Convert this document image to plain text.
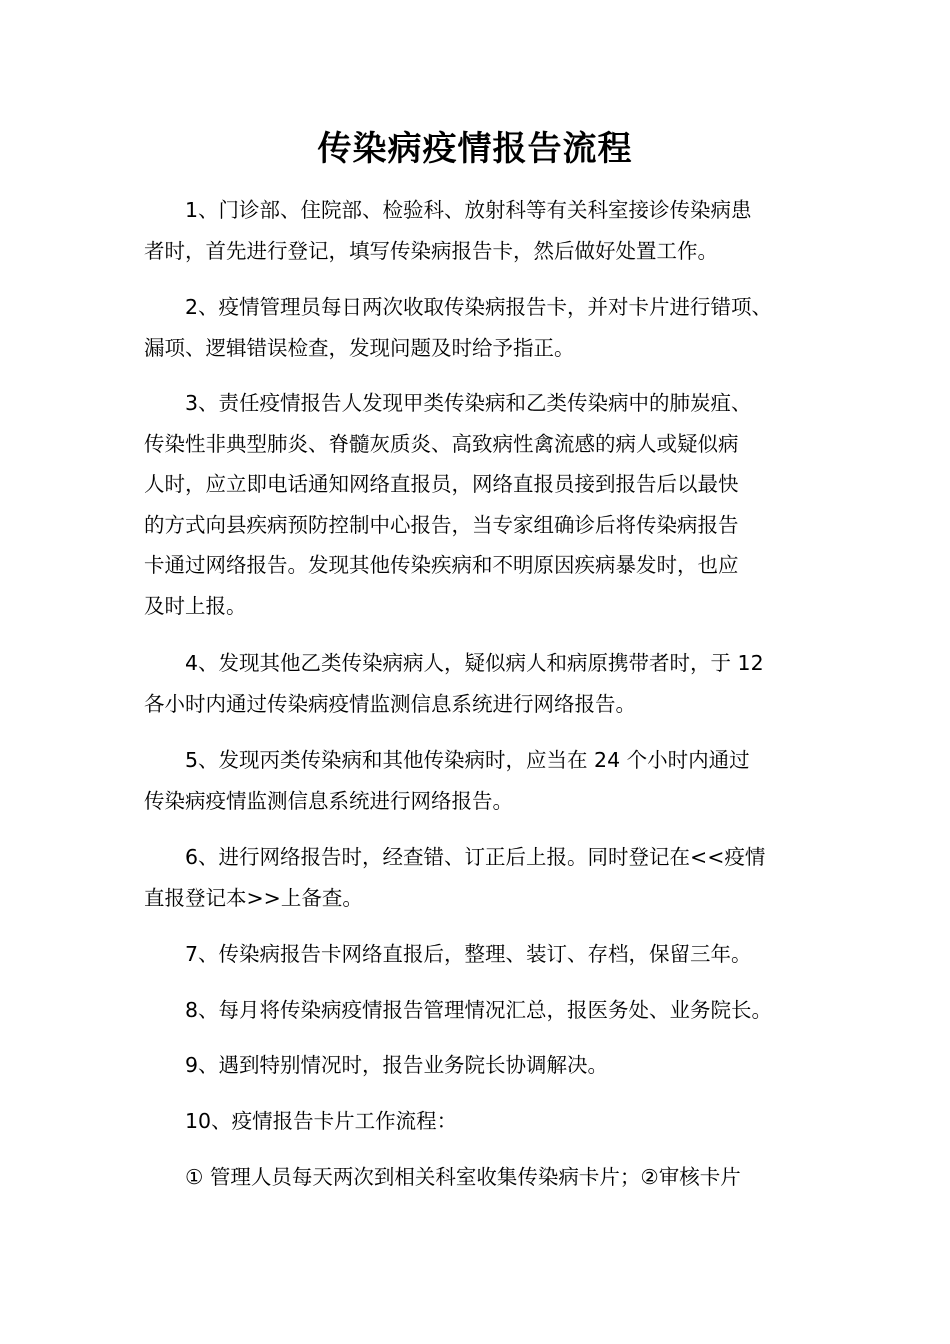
传染病疫情报告流程
1、门诊部、住院部、检验科、放射科等有关科室接诊传染病患
者时，首先进行登记，填写传染病报告卡，然后做好处置工作。
2、疫情管理员每日两次收取传染病报告卡，并对卡片进行错项、
漏项、逻辑错误检查，发现问题及时给予指正。
3、责任疫情报告人发现甲类传染病和乙类传染病中的肺炭疽、
传染性非典型肺炎、脊髓灰质炎、高致病性禽流感的病人或疑似病
人时，应立即电话通知网络直报员，网络直报员接到报告后以最快
的方式向县疾病预防控制中心报告，当专家组确诊后将传染病报告
卡通过网络报告。发现其他传染疾病和不明原因疾病暴发时，也应
及时上报。
4、发现其他乙类传染病病人，疑似病人和病原携带者时，于 12
各小时内通过传染病疫情监测信息系统进行网络报告。
5、发现丙类传染病和其他传染病时，应当在 24 个小时内通过
传染病疫情监测信息系统进行网络报告。
6、进行网络报告时，经查错、订正后上报。同时登记在<<疫情
直报登记本>>上备查。
7、传染病报告卡网络直报后，整理、装订、存档，保留三年。
8、每月将传染病疫情报告管理情况汇总，报医务处、业务院长。
9、遇到特别情况时，报告业务院长协调解决。
10、疫情报告卡片工作流程：
① 管理人员每天两次到相关科室收集传染病卡片；②审核卡片
